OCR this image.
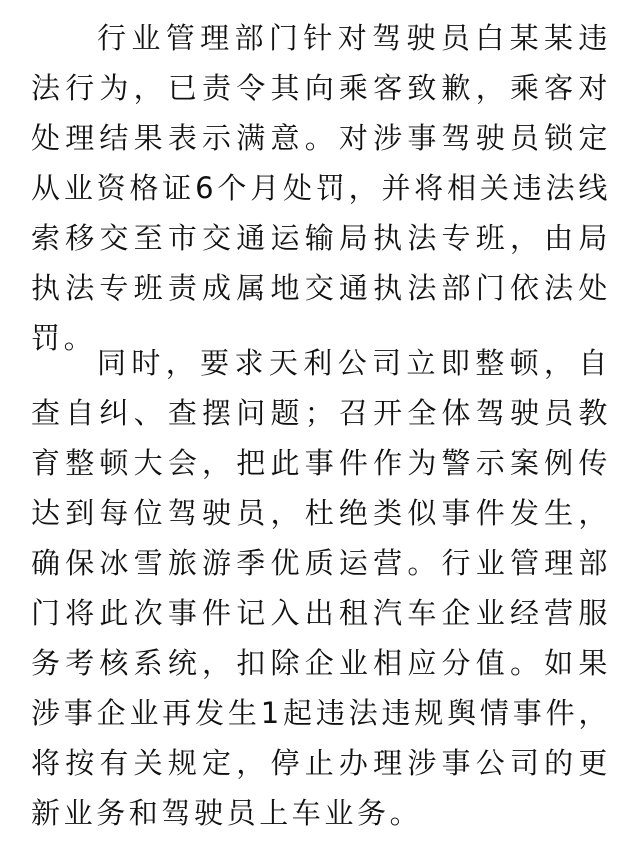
行业管理部门针对驾驶员白某某违法行为，已责令其向乘客致歉，乘客对处理结果表示满意。对涉事驾驶员锁定从业资格证6个月处罚，并将相关违法线索移交至市交通运输局执法专班，由局执法专班责成属地交通执法部门依法处罚。

同时，要求天利公司立即整顿，自查自纠、查摆问题；召开全体驾驶员教育整顿大会，把此事件作为警示案例传达到每位驾驶员，杜绝类似事件发生，确保冰雪旅游季优质运营。行业管理部门将此次事件记入出租汽车企业经营服务考核系统，扣除企业相应分值。如果涉事企业再发生1起违法违规舆情事件，将按有关规定，停止办理涉事公司的更新业务和驾驶员上车业务。
